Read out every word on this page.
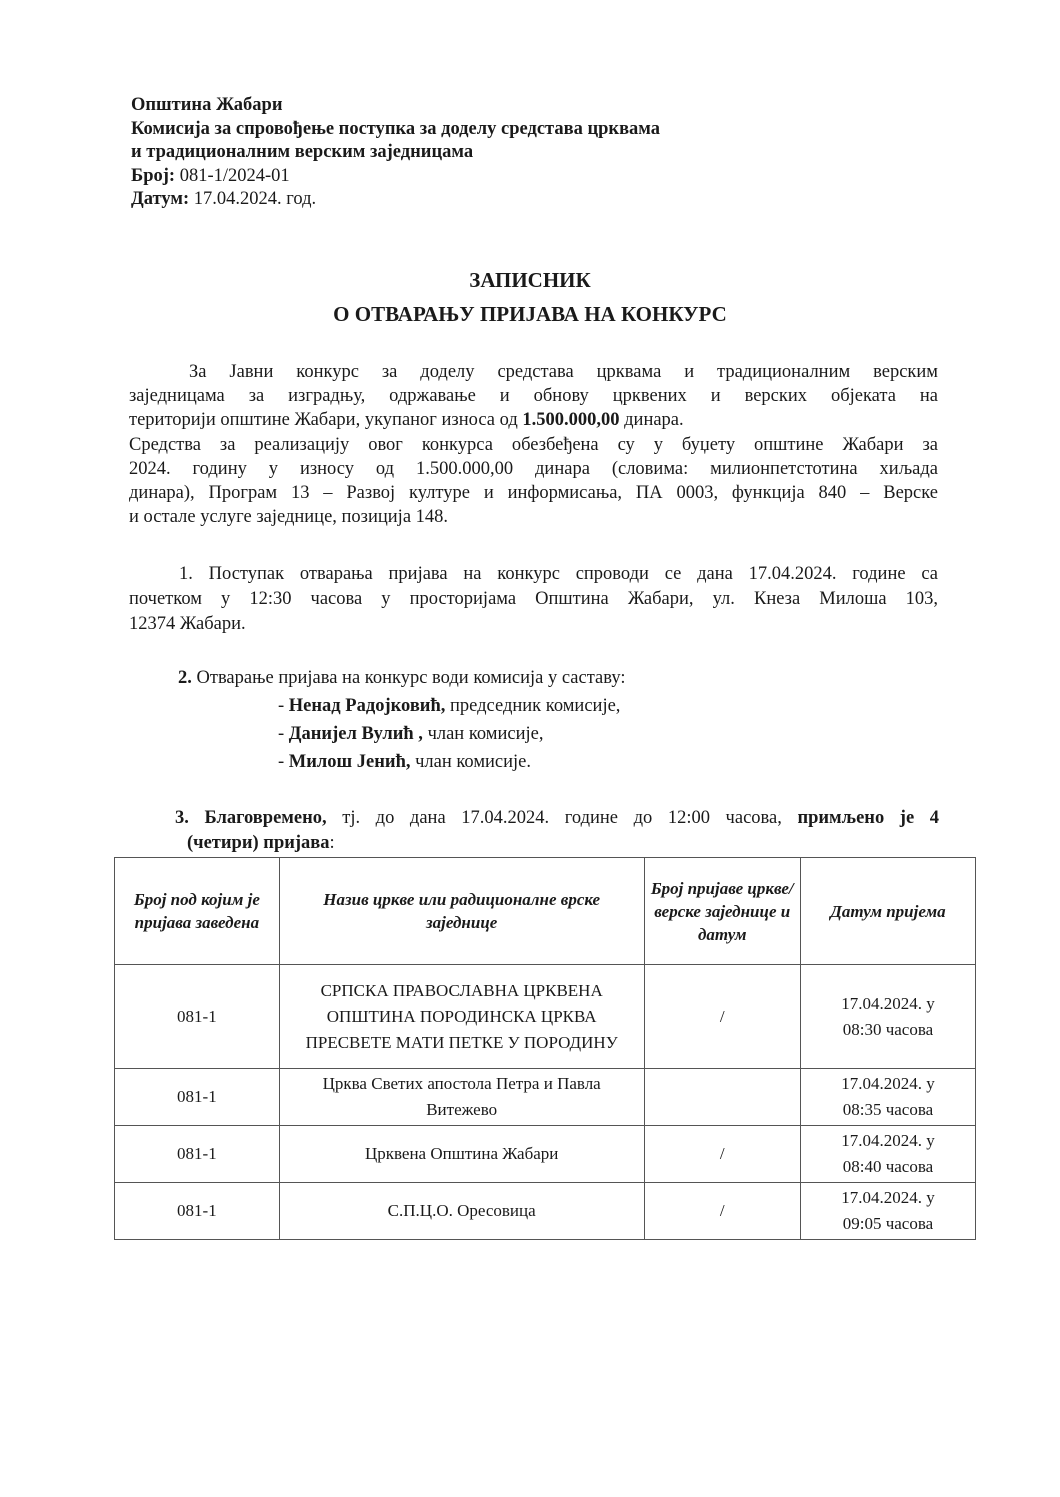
Општина Жабари
Комисија за спровођење поступка за доделу средстава црквама
и традиционалним верским заједницама
Број: 081-1/2024-01
Датум: 17.04.2024. год.
ЗАПИСНИК
О ОТВАРАЊУ ПРИЈАВА НА КОНКУРС

За Јавни конкурс за доделу средстава црквама и традиционалним верским

заједницама за изградњу, одржавање и обнову црквених и верских објеката на

територији општине Жабари, укупаног износа од 1.500.000,00 динара.

Средства за реализацију овог конкурса обезбеђена су у буџету општине Жабари за

2024. годину у износу од 1.500.000,00 динара (словима: милионпетстотина хиљада

динара), Програм 13 – Развој културе и информисања, ПА 0003, функција 840 – Верске

и остале услуге заједнице, позиција 148.

1. Поступак отварања пријава на конкурс спроводи се дана 17.04.2024. године са
почетком у 12:30 часова у просторијама Општина Жабари, ул. Кнеза Милоша 103,
12374 Жабари.
2. Отварање пријава на конкурс води комисија у саставу:
- Ненад Радојковић, председник комисије,
- Данијел Вулић , члан комисије,
- Милош Јенић, члан комисије.
3. Благовремено, тј. до дана 17.04.2024. године до 12:00 часова, примљено је 4
(четири) пријава:
Број под којим је пријава заведена	Назив цркве или радиционалне врске заједнице	Број пријаве цркве/верске заједнице и датум	Датум пријема
081-1	СРПСКА ПРАВОСЛАВНА ЦРКВЕНА ОПШТИНА ПОРОДИНСКА ЦРКВА ПРЕСВЕТЕ МАТИ ПЕТКЕ У ПОРОДИНУ	/	17.04.2024. у
08:30 часова

081-1	Црква Светих апостола Петра и Павла Витежево		17.04.2024. у
08:35 часова

081-1	Црквена Општина Жабари	/	17.04.2024. у
08:40 часова

081-1	С.П.Ц.О. Оресовица	/	17.04.2024. у
09:05 часова
